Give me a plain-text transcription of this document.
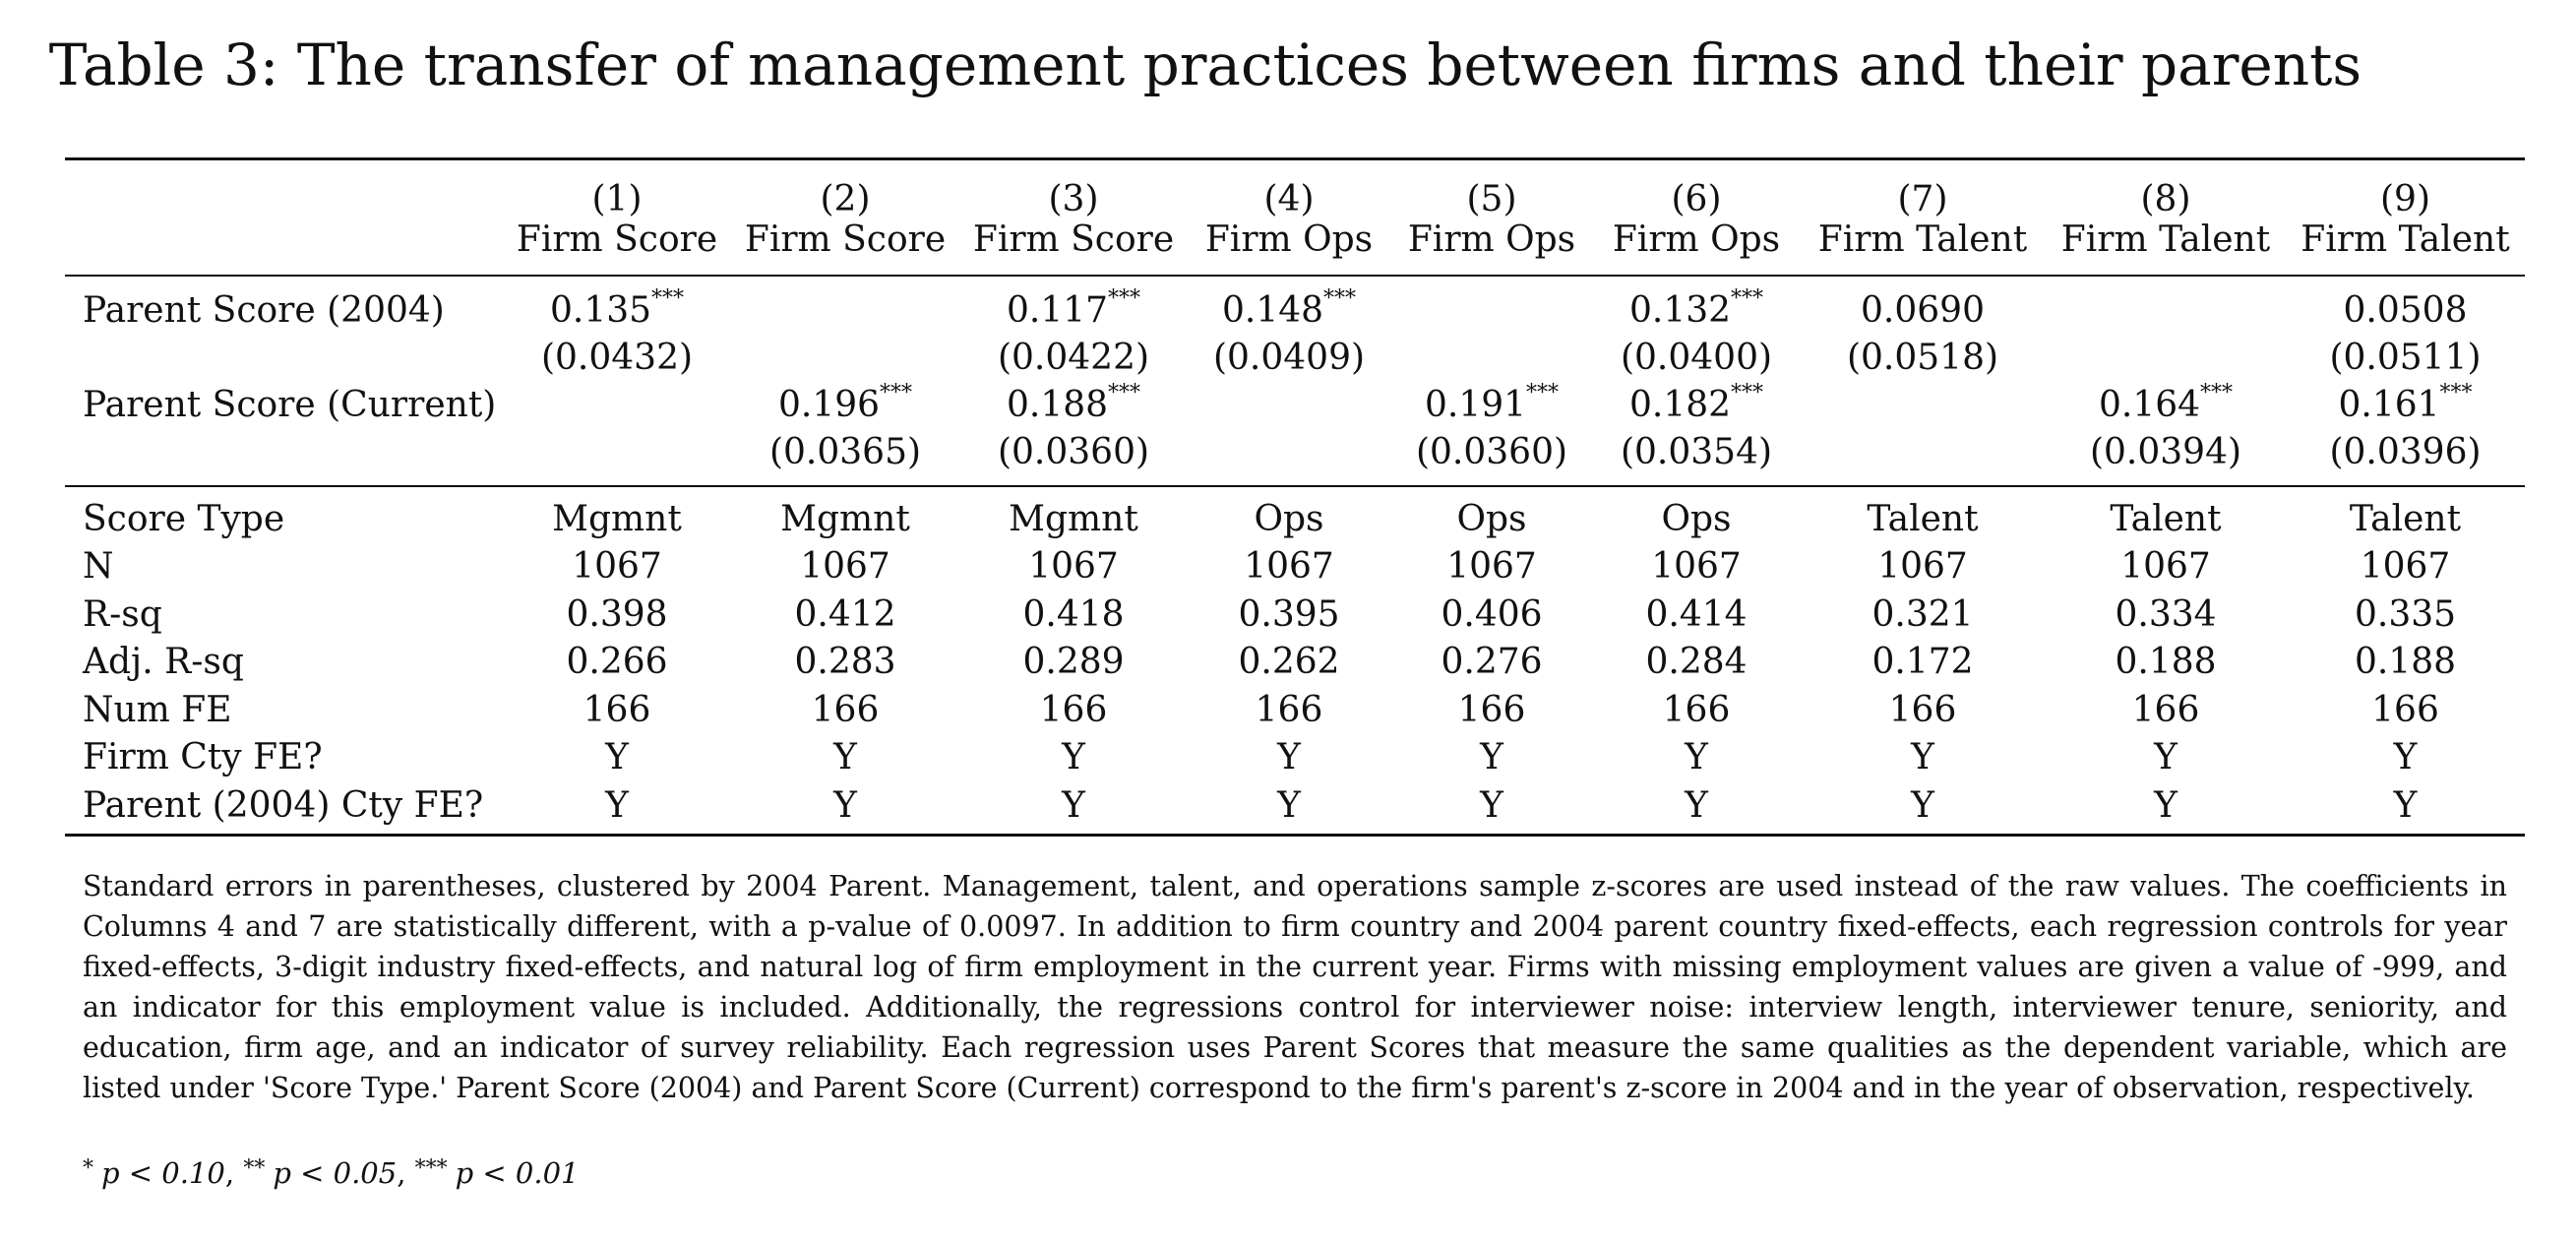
Table 3: The transfer of management practices between firms and their parents
	(1)	(2)	(3)	(4)	(5)	(6)	(7)	(8)	(9)
	Firm Score	Firm Score	Firm Score	Firm Ops	Firm Ops	Firm Ops	Firm Talent	Firm Talent	Firm Talent
Parent Score (2004)	0.135***		0.117***	0.148***		0.132***	0.0690		0.0508
	(0.0432)		(0.0422)	(0.0409)		(0.0400)	(0.0518)		(0.0511)
Parent Score (Current)		0.196***	0.188***		0.191***	0.182***		0.164***	0.161***
		(0.0365)	(0.0360)		(0.0360)	(0.0354)		(0.0394)	(0.0396)
Score Type	Mgmnt	Mgmnt	Mgmnt	Ops	Ops	Ops	Talent	Talent	Talent
N	1067	1067	1067	1067	1067	1067	1067	1067	1067
R-sq	0.398	0.412	0.418	0.395	0.406	0.414	0.321	0.334	0.335
Adj. R-sq	0.266	0.283	0.289	0.262	0.276	0.284	0.172	0.188	0.188
Num FE	166	166	166	166	166	166	166	166	166
Firm Cty FE?	Y	Y	Y	Y	Y	Y	Y	Y	Y
Parent (2004) Cty FE?	Y	Y	Y	Y	Y	Y	Y	Y	Y

Standard errors in parentheses, clustered by 2004 Parent. Management, talent, and operations sample z-scores are used instead of the raw values. The coefficients in Columns 4 and 7 are statistically different, with a p-value of 0.0097. In addition to firm country and 2004 parent country fixed-effects, each regression controls for year fixed-effects, 3-digit industry fixed-effects, and natural log of firm employment in the current year. Firms with missing employment values are given a value of -999, and an indicator for this employment value is included. Additionally, the regressions control for interviewer noise: interview length, interviewer tenure, seniority, and education, firm age, and an indicator of survey reliability. Each regression uses Parent Scores that measure the same qualities as the dependent variable, which are listed under 'Score Type.' Parent Score (2004) and Parent Score (Current) correspond to the firm's parent's z-score in 2004 and in the year of observation, respectively.

* p < 0.10, ** p < 0.05, *** p < 0.01
